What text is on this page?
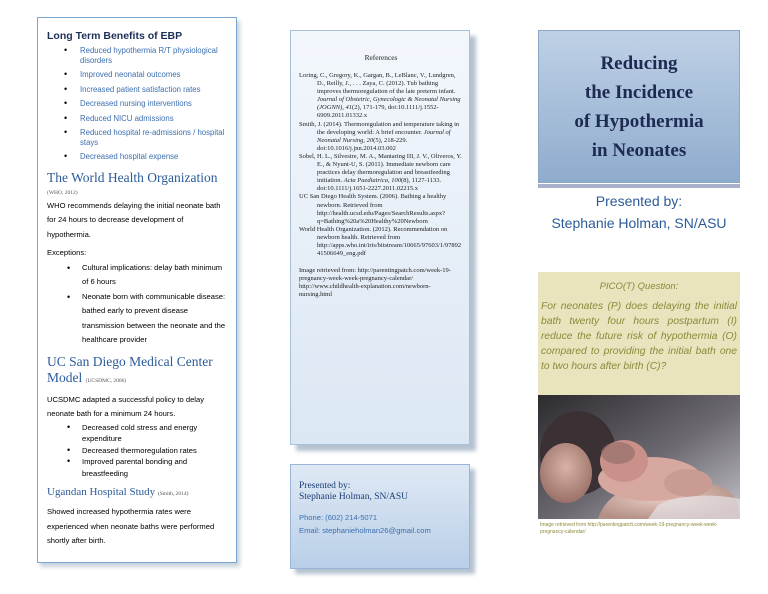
Long Term Benefits of EBP
• Reduced hypothermia R/T physiological disorders
• Improved neonatal outcomes
• Increased patient satisfaction rates
• Decreased nursing interventions
• Reduced NICU admissions
• Reduced hospital re-admissions / hospital stays
• Decreased hospital expense
The World Health Organization
(WHO, 2012)

WHO recommends delaying the initial neonate bath for 24 hours to decrease development of hypothermia.

Exceptions:

• Cultural implications: delay bath minimum of 6 hours
• Neonate born with communicable disease: bathed early to prevent disease transmission between the neonate and the healthcare provider
UC San Diego Medical Center
Model (UCSDMC, 2006)

UCSDMC adapted a successful policy to delay neonate bath for a minimum 24 hours.

• Decreased cold stress and energy expenditure
• Decreased thermoregulation rates
• Improved parental bonding and breastfeeding
Ugandan Hospital Study (Smith, 2014)

Showed increased hypothermia rates were experienced when neonate baths were performed shortly after birth.

References

Loring, C., Gregory, K., Gargan, B., LeBlanc, V., Lundgren, D., Reilly, J., . . . Zaya, C. (2012). Tub bathing improves thermoregulation of the late preterm infant. Journal of Obstetric, Gynecologic & Neonatal Nursing (JOGNN), 41(2), 171-179, doi:10.1111/j.1552-6909.2011.01332.x

Smith, J. (2014). Thermoregulation and temperature taking in the developing world: A brief encounter. Journal of Neonatal Nursing, 20(5), 218-229. doi:10.1016/j.jnn.2014.03.002

Sobel, H. L., Silvestre, M. A., Mantaring III, J. V., Oliveros, Y. E., & Nyunt-U, S. (2011). Immediate newborn care practices delay thermoregulation and breastfeeding initiation. Acta Paediatrica, 100(8), 1127-1133. doi:10.1111/j.1651-2227.2011.02215.x

UC San Diego Health System. (2006). Bathing a healthy newborn. Retrieved from http://health.ucsd.edu/Pages/SearchResults.aspx?q=Bathing%20a%20Healthy%20Newborn

World Health Organization. (2012). Recommendation on newborn health. Retrieved from http://apps.who.int/iris/bitstream/10665/97603/1/9789241506649_eng.pdf

Image retrieved from: http://parentingpatch.com/week-19-pregnancy-week-week-pregnancy-calendar/ http://www.childhealth-explanation.com/newborn-nursing.html

Presented by:

Stephanie Holman, SN/ASU

Phone: (602) 214-5071
Email: stephanieholman26@gmail.com

Reducing
the Incidence
of Hypothermia
in Neonates
Presented by:
Stephanie Holman, SN/ASU
PICO(T) Question:
For neonates (P) does delaying the initial bath twenty four hours postpartum (I) reduce the future risk of hypothermia (O) compared to providing the initial bath one to two hours after birth (C)?
Image retrieved from http://parentingpatch.com/week-19-pregnancy-week-week-pregnancy-calendar/
